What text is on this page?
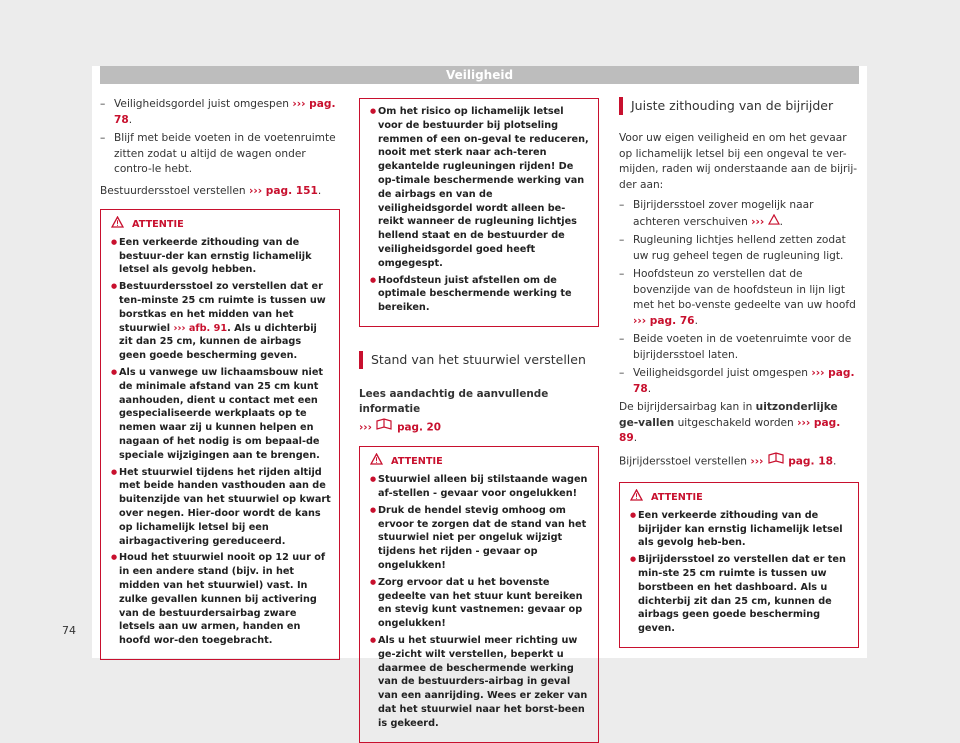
Veiligheid
– Veiligheidsgordel juist omgespen ››› pag. 78.
– Blijf met beide voeten in de voetenruimte zitten zodat u altijd de wagen onder contro-le hebt.

Bestuurdersstoel verstellen ››› pag. 151.

ATTENTIE
● Een verkeerde zithouding van de bestuur-der kan ernstig lichamelijk letsel als gevolg hebben.
● Bestuurdersstoel zo verstellen dat er ten-minste 25 cm ruimte is tussen uw borstkas en het midden van het stuurwiel ››› afb. 91. Als u dichterbij zit dan 25 cm, kunnen de airbags geen goede bescherming geven.
● Als u vanwege uw lichaamsbouw niet de minimale afstand van 25 cm kunt aanhouden, dient u contact met een gespecialiseerde werkplaats op te nemen waar zij u kunnen helpen en nagaan of het nodig is om bepaal-de speciale wijzigingen aan te brengen.
● Het stuurwiel tijdens het rijden altijd met beide handen vasthouden aan de buitenzijde van het stuurwiel op kwart over negen. Hier-door wordt de kans op lichamelijk letsel bij een airbagactivering gereduceerd.
● Houd het stuurwiel nooit op 12 uur of in een andere stand (bijv. in het midden van het stuurwiel) vast. In zulke gevallen kunnen bij activering van de bestuurdersairbag zware letsels aan uw armen, handen en hoofd wor-den toegebracht.
● Om het risico op lichamelijk letsel voor de bestuurder bij plotseling remmen of een on-geval te reduceren, nooit met sterk naar ach-teren gekantelde rugleuningen rijden! De op-timale beschermende werking van de airbags en van de veiligheidsgordel wordt alleen be-reikt wanneer de rugleuning lichtjes hellend staat en de bestuurder de veiligheidsgordel goed heeft omgegespt.
● Hoofdsteun juist afstellen om de optimale beschermende werking te bereiken.
Stand van het stuurwiel verstellen

Lees aandachtig de aanvullende informatie
››› pag. 20

ATTENTIE
● Stuurwiel alleen bij stilstaande wagen af-stellen - gevaar voor ongelukken!
● Druk de hendel stevig omhoog om ervoor te zorgen dat de stand van het stuurwiel niet per ongeluk wijzigt tijdens het rijden - gevaar op ongelukken!
● Zorg ervoor dat u het bovenste gedeelte van het stuur kunt bereiken en stevig kunt vastnemen: gevaar op ongelukken!
● Als u het stuurwiel meer richting uw ge-zicht wilt verstellen, beperkt u daarmee de beschermende werking van de bestuurders-airbag in geval van een aanrijding. Wees er zeker van dat het stuurwiel naar het borst-been is gekeerd.
Juiste zithouding van de bijrijder

Voor uw eigen veiligheid en om het gevaar op lichamelijk letsel bij een ongeval te ver-mijden, raden wij onderstaande aan de bijrij-der aan:

– Bijrijdersstoel zover mogelijk naar achteren verschuiven ››› .
– Rugleuning lichtjes hellend zetten zodat uw rug geheel tegen de rugleuning ligt.
– Hoofdsteun zo verstellen dat de bovenzijde van de hoofdsteun in lijn ligt met het bo-venste gedeelte van uw hoofd ››› pag. 76.
– Beide voeten in de voetenruimte voor de bijrijdersstoel laten.
– Veiligheidsgordel juist omgespen ››› pag. 78.

De bijrijdersairbag kan in uitzonderlijke ge-vallen uitgeschakeld worden ››› pag. 89.

Bijrijdersstoel verstellen ››› pag. 18.

ATTENTIE
● Een verkeerde zithouding van de bijrijder kan ernstig lichamelijk letsel als gevolg heb-ben.
● Bijrijdersstoel zo verstellen dat er ten min-ste 25 cm ruimte is tussen uw borstbeen en het dashboard. Als u dichterbij zit dan 25 cm, kunnen de airbags geen goede bescherming geven.
74
